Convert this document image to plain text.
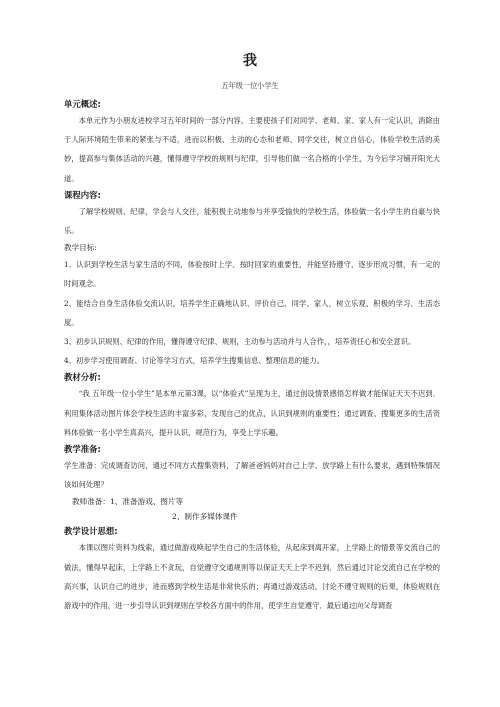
我
五年级一位小学生

单元概述:

本单元作为小朋友进校学习五年时间的一部分内容，主要使孩子们对同学、老师、家、家人有一定认识，消除由于人际环境陌生带来的紧张与不适，进而以积极、主动的心态和老师、同学交往，树立自信心，体验学校生活的美妙，提高参与集体活动的兴趣，懂得遵守学校的规则与纪律，引导他们做一名合格的小学生，为今后学习铺开阳光大道。

课程内容:

了解学校规则、纪律，学会与人交往，能积极主动地参与并享受愉快的学校生活，体验做一名小学生的自豪与快乐。

教学目标:

1、认识到学校生活与家生活的不同，体验按时上学、按时回家的重要性，并能坚持遵守，逐步形成习惯，有一定的时间观念。

2、能结合自身生活体验交流认识，培养学生正确地认识、评价自己、同学、家人，树立乐观、积极的学习、生活态度。

3、初步认识规则、纪律的作用，懂得遵守纪律、规则，主动参与活动并与人合作，，培养责任心和安全意识。

4、初步学习使用调查、讨论等学习方式，培养学生搜集信息、整理信息的能力。

教材分析:

“我 五年级一位小学生”是本单元第3课，以“体验式”呈现为主，通过创设情景感悟怎样做才能保证天天不迟到．利用集体活动图片体会学校生活的丰富多彩，发现自己的优点，认识到规则的重要性；通过调查、搜集更多的生活资料体验做一名小学生真高兴，提升认识，规范行为，享受上学乐趣。

教学准备:

学生准备：完成调查访问，通过不同方式搜集资料，了解爸爸妈妈对自己上学、放学路上有什么要求，遇到特殊情况该如何处理？

教师准备：1、准备游戏、图片等

2、制作多媒体课件

教学设计思想:

本课以图片资料为线索，通过做游戏唤起学生自己的生活体验，从起床到离开家，上学路上的情景等交流自己的做法，懂得早起床，上学路上不贪玩，自觉遵守交通规则等以保证天天上学不迟到．然后通过讨论交流自己在学校的高兴事，认识自己的进步，进而感到学校生活是非常快乐的；再通过游戏活动，讨论不遵守规则的后果，体验规则在游戏中的作用，进一步引导认识到规则在学校各方面中的作用，使学生自觉遵守．最后通过向父母调查
